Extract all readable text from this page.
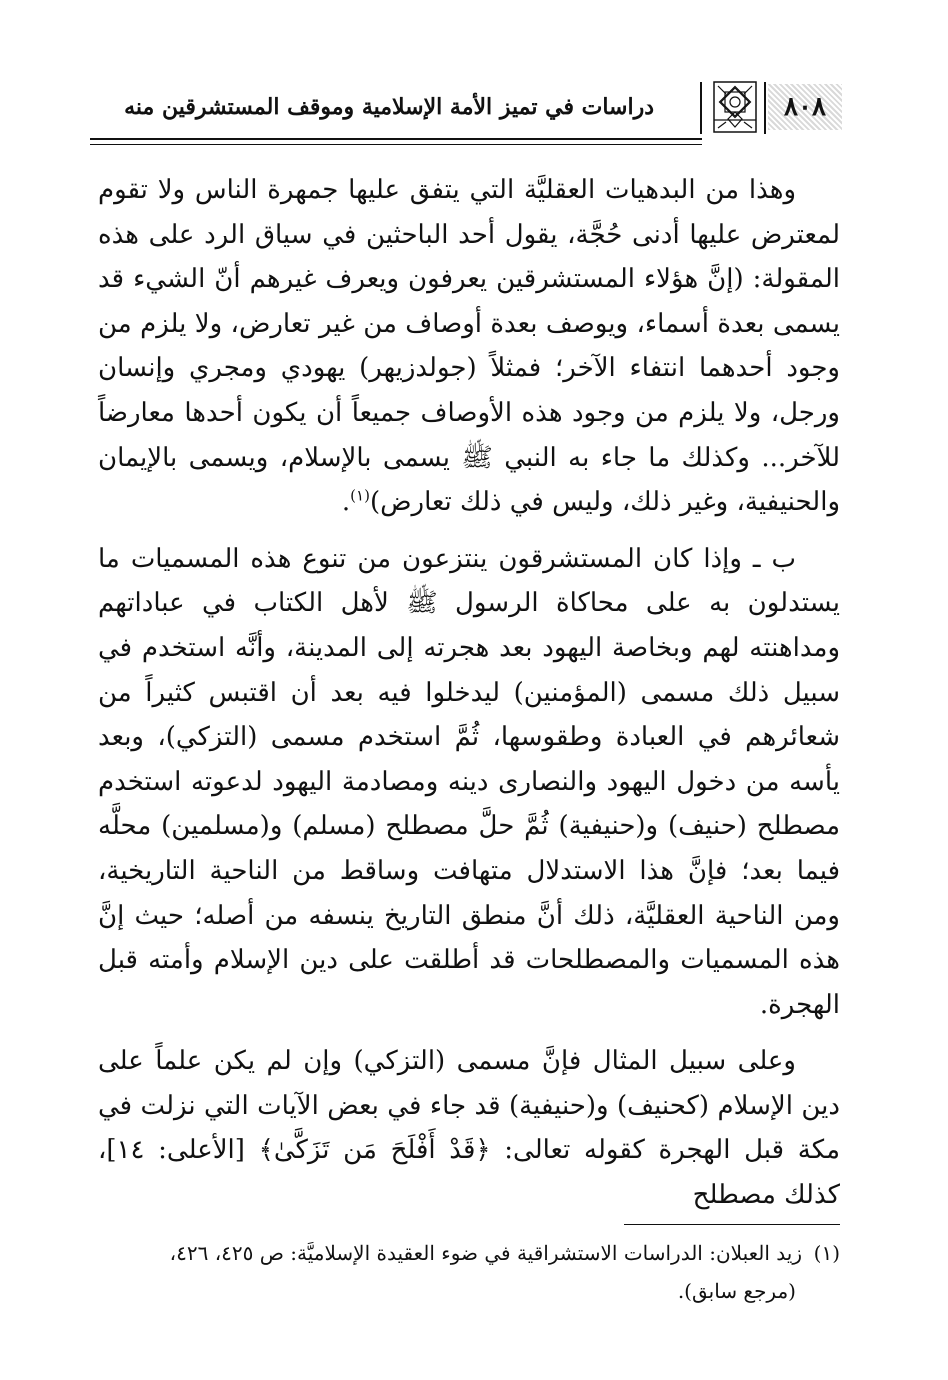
٨٠٨
دراسات في تميز الأمة الإسلامية وموقف المستشرقين منه

وهذا من البدهيات العقليَّة التي يتفق عليها جمهرة الناس ولا تقوم لمعترض عليها أدنى حُجَّة، يقول أحد الباحثين في سياق الرد على هذه المقولة: (إنَّ هؤلاء المستشرقين يعرفون ويعرف غيرهم أنّ الشيء قد يسمى بعدة أسماء، ويوصف بعدة أوصاف من غير تعارض، ولا يلزم من وجود أحدهما انتفاء الآخر؛ فمثلاً (جولدزيهر) يهودي ومجري وإنسان ورجل، ولا يلزم من وجود هذه الأوصاف جميعاً أن يكون أحدها معارضاً للآخر... وكذلك ما جاء به النبي ﷺ يسمى بالإسلام، ويسمى بالإيمان والحنيفية، وغير ذلك، وليس في ذلك تعارض)$^{(١)}$.

ب ـ وإذا كان المستشرقون ينتزعون من تنوع هذه المسميات ما يستدلون به على محاكاة الرسول ﷺ لأهل الكتاب في عباداتهم ومداهنته لهم وبخاصة اليهود بعد هجرته إلى المدينة، وأنَّه استخدم في سبيل ذلك مسمى (المؤمنين) ليدخلوا فيه بعد أن اقتبس كثيراً من شعائرهم في العبادة وطقوسها، ثُمَّ استخدم مسمى (التزكي)، وبعد يأسه من دخول اليهود والنصارى دينه ومصادمة اليهود لدعوته استخدم مصطلح (حنيف) و(حنيفية) ثُمَّ حلَّ مصطلح (مسلم) و(مسلمين) محلَّه فيما بعد؛ فإنَّ هذا الاستدلال متهافت وساقط من الناحية التاريخية، ومن الناحية العقليَّة، ذلك أنَّ منطق التاريخ ينسفه من أصله؛ حيث إنَّ هذه المسميات والمصطلحات قد أطلقت على دين الإسلام وأمته قبل الهجرة.

وعلى سبيل المثال فإنَّ مسمى (التزكي) وإن لم يكن علماً على دين الإسلام (كحنيف) و(حنيفية) قد جاء في بعض الآيات التي نزلت في مكة قبل الهجرة كقوله تعالى: ﴿قَدْ أَفْلَحَ مَن تَزَكَّىٰ﴾ [الأعلى: ١٤]، كذلك مصطلح

(١)زيد العبلان: الدراسات الاستشراقية في ضوء العقيدة الإسلاميَّة: ص ٤٢٥، ٤٢٦،
(مرجع سابق).
